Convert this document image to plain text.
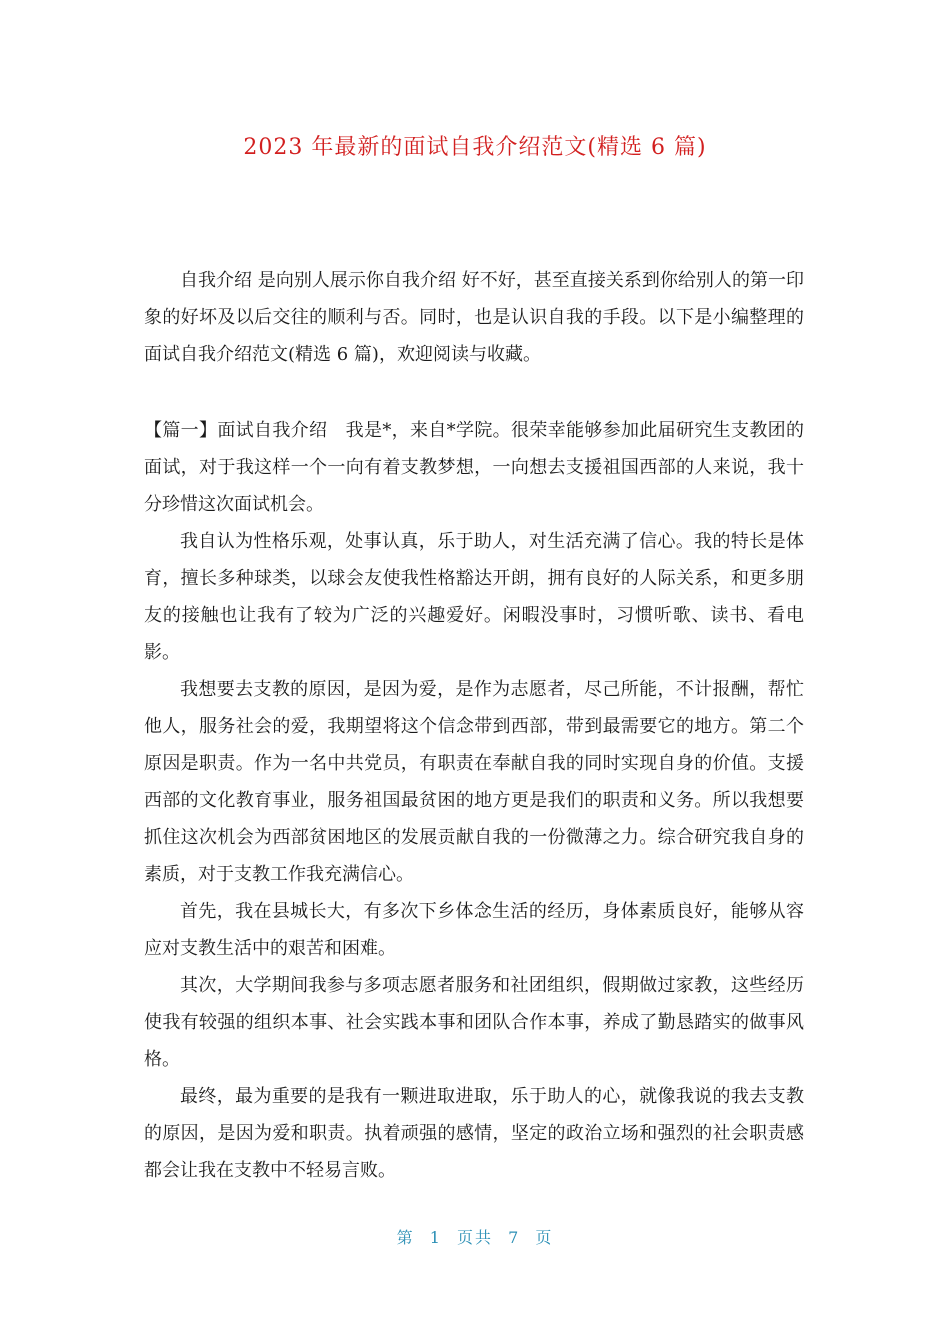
2023 年最新的面试自我介绍范文(精选 6 篇)

自我介绍 是向别人展示你自我介绍 好不好，甚至直接关系到你给别人的第一印象的好坏及以后交往的顺利与否。同时，也是认识自我的手段。以下是小编整理的面试自我介绍范文(精选 6 篇)，欢迎阅读与收藏。

【篇一】面试自我介绍　我是*，来自*学院。很荣幸能够参加此届研究生支教团的面试，对于我这样一个一向有着支教梦想，一向想去支援祖国西部的人来说，我十分珍惜这次面试机会。

我自认为性格乐观，处事认真，乐于助人，对生活充满了信心。我的特长是体育，擅长多种球类，以球会友使我性格豁达开朗，拥有良好的人际关系，和更多朋友的接触也让我有了较为广泛的兴趣爱好。闲暇没事时，习惯听歌、读书、看电影。

我想要去支教的原因，是因为爱，是作为志愿者，尽己所能，不计报酬，帮忙他人，服务社会的爱，我期望将这个信念带到西部，带到最需要它的地方。第二个原因是职责。作为一名中共党员，有职责在奉献自我的同时实现自身的价值。支援西部的文化教育事业，服务祖国最贫困的地方更是我们的职责和义务。所以我想要抓住这次机会为西部贫困地区的发展贡献自我的一份微薄之力。综合研究我自身的素质，对于支教工作我充满信心。

首先，我在县城长大，有多次下乡体念生活的经历，身体素质良好，能够从容应对支教生活中的艰苦和困难。

其次，大学期间我参与多项志愿者服务和社团组织，假期做过家教，这些经历使我有较强的组织本事、社会实践本事和团队合作本事，养成了勤恳踏实的做事风格。

最终，最为重要的是我有一颗进取进取，乐于助人的心，就像我说的我去支教的原因，是因为爱和职责。执着顽强的感情，坚定的政治立场和强烈的社会职责感都会让我在支教中不轻易言败。

第 1 页共 7 页
